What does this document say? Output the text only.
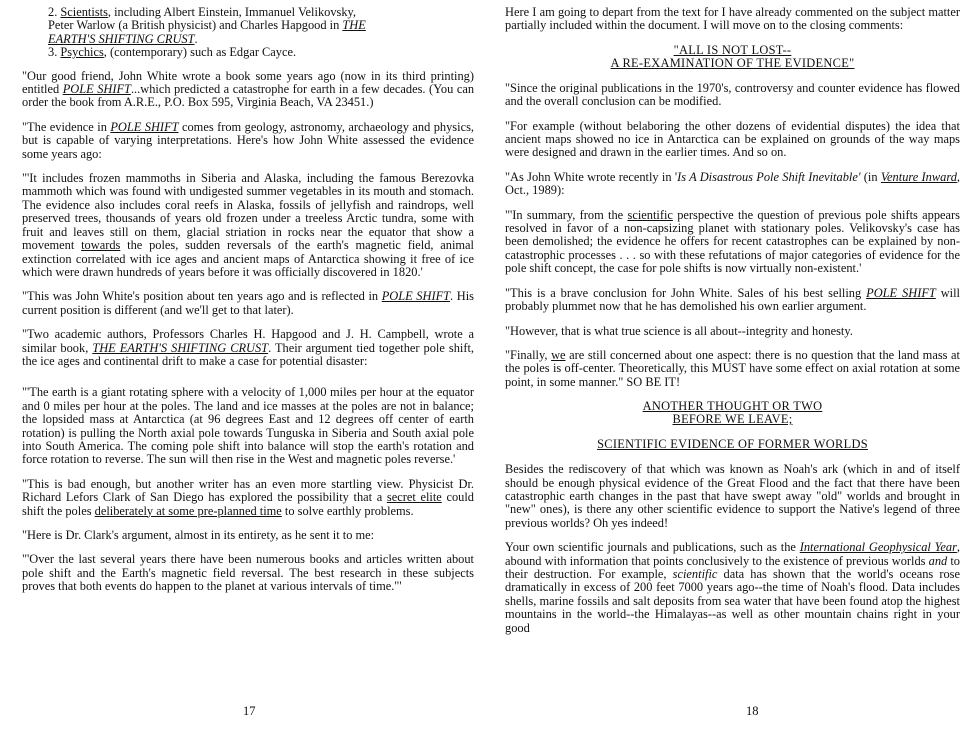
2. Scientists, including Albert Einstein, Immanuel Velikovsky,
Peter Warlow (a British physicist) and Charles Hapgood in THE
EARTH'S SHIFTING CRUST.

3. Psychics, (contemporary) such as Edgar Cayce.

"Our good friend, John White wrote a book some years ago (now in its third printing) entitled POLE SHIFT...which predicted a catastrophe for earth in a few decades. (You can order the book from A.R.E., P.O. Box 595, Virginia Beach, VA 23451.)

"The evidence in POLE SHIFT comes from geology, astronomy, archaeology and physics, but is capable of varying interpretations. Here's how John White assessed the evidence some years ago:

"'It includes frozen mammoths in Siberia and Alaska, including the famous Berezovka mammoth which was found with undigested summer vegetables in its mouth and stomach. The evidence also includes coral reefs in Alaska, fossils of jellyfish and raindrops, well preserved trees, thousands of years old frozen under a treeless Arctic tundra, some with fruit and leaves still on them, glacial striation in rocks near the equator that show a movement towards the poles, sudden reversals of the earth's magnetic field, animal extinction correlated with ice ages and ancient maps of Antarctica showing it free of ice which were drawn hundreds of years before it was officially discovered in 1820.'

"This was John White's position about ten years ago and is reflected in POLE SHIFT. His current position is different (and we'll get to that later).

"Two academic authors, Professors Charles H. Hapgood and J. H. Campbell, wrote a similar book, THE EARTH'S SHIFTING CRUST. Their argument tied together pole shift, the ice ages and continental drift to make a case for potential disaster:

"'The earth is a giant rotating sphere with a velocity of 1,000 miles per hour at the equator and 0 miles per hour at the poles. The land and ice masses at the poles are not in balance; the lopsided mass at Antarctica (at 96 degrees East and 12 degrees off center of earth rotation) is pulling the North axial pole towards Tunguska in Siberia and South axial pole into South America. The coming pole shift into balance will stop the earth's rotation and force rotation to reverse. The sun will then rise in the West and magnetic poles reverse.'

"This is bad enough, but another writer has an even more startling view. Physicist Dr. Richard Lefors Clark of San Diego has explored the possibility that a secret elite could shift the poles deliberately at some pre-planned time to solve earthly problems.

"Here is Dr. Clark's argument, almost in its entirety, as he sent it to me:

"'Over the last several years there have been numerous books and articles written about pole shift and the Earth's magnetic field reversal. The best research in these subjects proves that both events do happen to the planet at various intervals of time."'

17

Here I am going to depart from the text for I have already commented on the subject matter partially included within the document. I will move on to the closing comments:

"ALL IS NOT LOST--

A RE-EXAMINATION OF THE EVIDENCE"

"Since the original publications in the 1970's, controversy and counter evidence has flowed and the overall conclusion can be modified.

"For example (without belaboring the other dozens of evidential disputes) the idea that ancient maps showed no ice in Antarctica can be explained on grounds of the way maps were designed and drawn in the earlier times. And so on.

"As John White wrote recently in 'Is A Disastrous Pole Shift Inevitable' (in Venture Inward, Oct., 1989):

"'In summary, from the scientific perspective the question of previous pole shifts appears resolved in favor of a non-capsizing planet with stationary poles. Velikovsky's case has been demolished; the evidence he offers for recent catastrophes can be explained by non-catastrophic processes . . . so with these refutations of major categories of evidence for the pole shift concept, the case for pole shifts is now virtually non-existent.'

"This is a brave conclusion for John White. Sales of his best selling POLE SHIFT will probably plummet now that he has demolished his own earlier argument.

"However, that is what true science is all about--integrity and honesty.

"Finally, we are still concerned about one aspect: there is no question that the land mass at the poles is off-center. Theoretically, this MUST have some effect on axial rotation at some point, in some manner." SO BE IT!

ANOTHER THOUGHT OR TWO

BEFORE WE LEAVE;

SCIENTIFIC EVIDENCE OF FORMER WORLDS

Besides the rediscovery of that which was known as Noah's ark (which in and of itself should be enough physical evidence of the Great Flood and the fact that there have been catastrophic earth changes in the past that have swept away "old" worlds and brought in "new" ones), is there any other scientific evidence to support the Native's legend of three previous worlds? Oh yes indeed!

Your own scientific journals and publications, such as the International Geophysical Year, abound with information that points conclusively to the existence of previous worlds and to their destruction. For example, scientific data has shown that the world's oceans rose dramatically in excess of 200 feet 7000 years ago--the time of Noah's flood. Data includes shells, marine fossils and salt deposits from sea water that have been found atop the highest mountains in the world--the Himalayas--as well as other mountain chains right in your good

18
